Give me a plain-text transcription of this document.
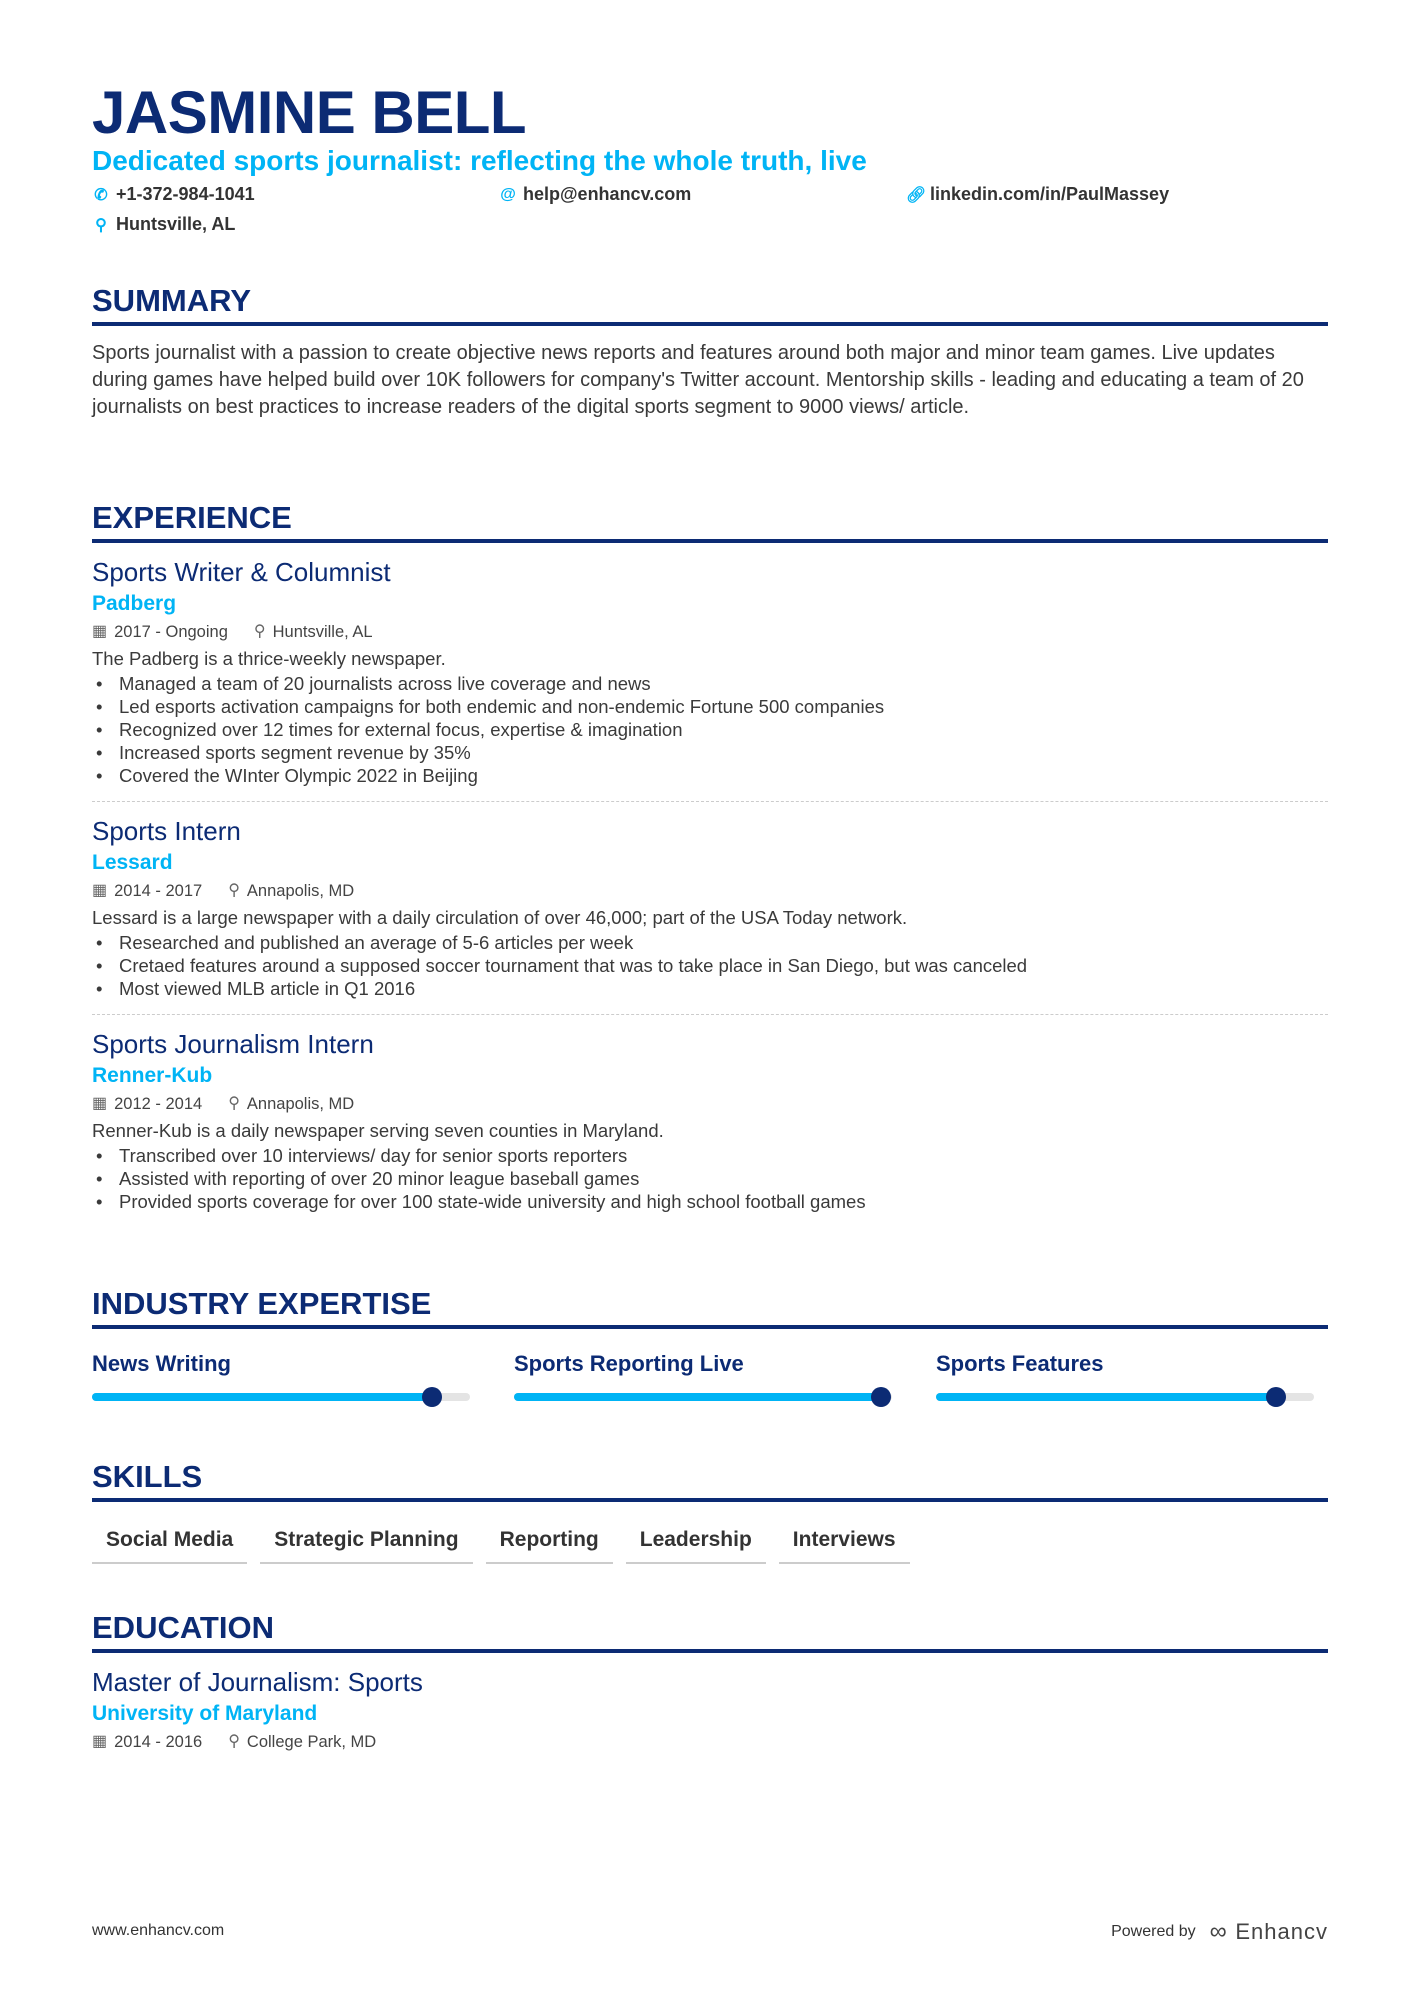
JASMINE BELL
Dedicated sports journalist: reflecting the whole truth, live
✆ +1-372-984-1041	@ help@enhancv.com	🔗︎ linkedin.com/in/PaulMassey
⚲ Huntsville, AL
SUMMARY
Sports journalist with a passion to create objective news reports and features around both major and minor team games. Live updates during games have helped build over 10K followers for company's Twitter account. Mentorship skills - leading and educating a team of 20 journalists on best practices to increase readers of the digital sports segment to 9000 views/ article.
EXPERIENCE
Sports Writer & Columnist
Padberg
▦ 2017 - Ongoing ⚲ Huntsville, AL
The Padberg is a thrice-weekly newspaper.
• Managed a team of 20 journalists across live coverage and news
• Led esports activation campaigns for both endemic and non-endemic Fortune 500 companies
• Recognized over 12 times for external focus, expertise & imagination
• Increased sports segment revenue by 35%
• Covered the WInter Olympic 2022 in Beijing
Sports Intern
Lessard
▦ 2014 - 2017 ⚲ Annapolis, MD
Lessard is a large newspaper with a daily circulation of over 46,000; part of the USA Today network.
• Researched and published an average of 5-6 articles per week
• Cretaed features around a supposed soccer tournament that was to take place in San Diego, but was canceled
• Most viewed MLB article in Q1 2016
Sports Journalism Intern
Renner-Kub
▦ 2012 - 2014 ⚲ Annapolis, MD
Renner-Kub is a daily newspaper serving seven counties in Maryland.
• Transcribed over 10 interviews/ day for senior sports reporters
• Assisted with reporting of over 20 minor league baseball games
• Provided sports coverage for over 100 state-wide university and high school football games
INDUSTRY EXPERTISE
News Writing	Sports Reporting Live	Sports Features
SKILLS
Social Media	Strategic Planning	Reporting	Leadership	Interviews
EDUCATION
Master of Journalism: Sports
University of Maryland
▦ 2014 - 2016 ⚲ College Park, MD
www.enhancv.com	Powered by ∞ Enhancv
